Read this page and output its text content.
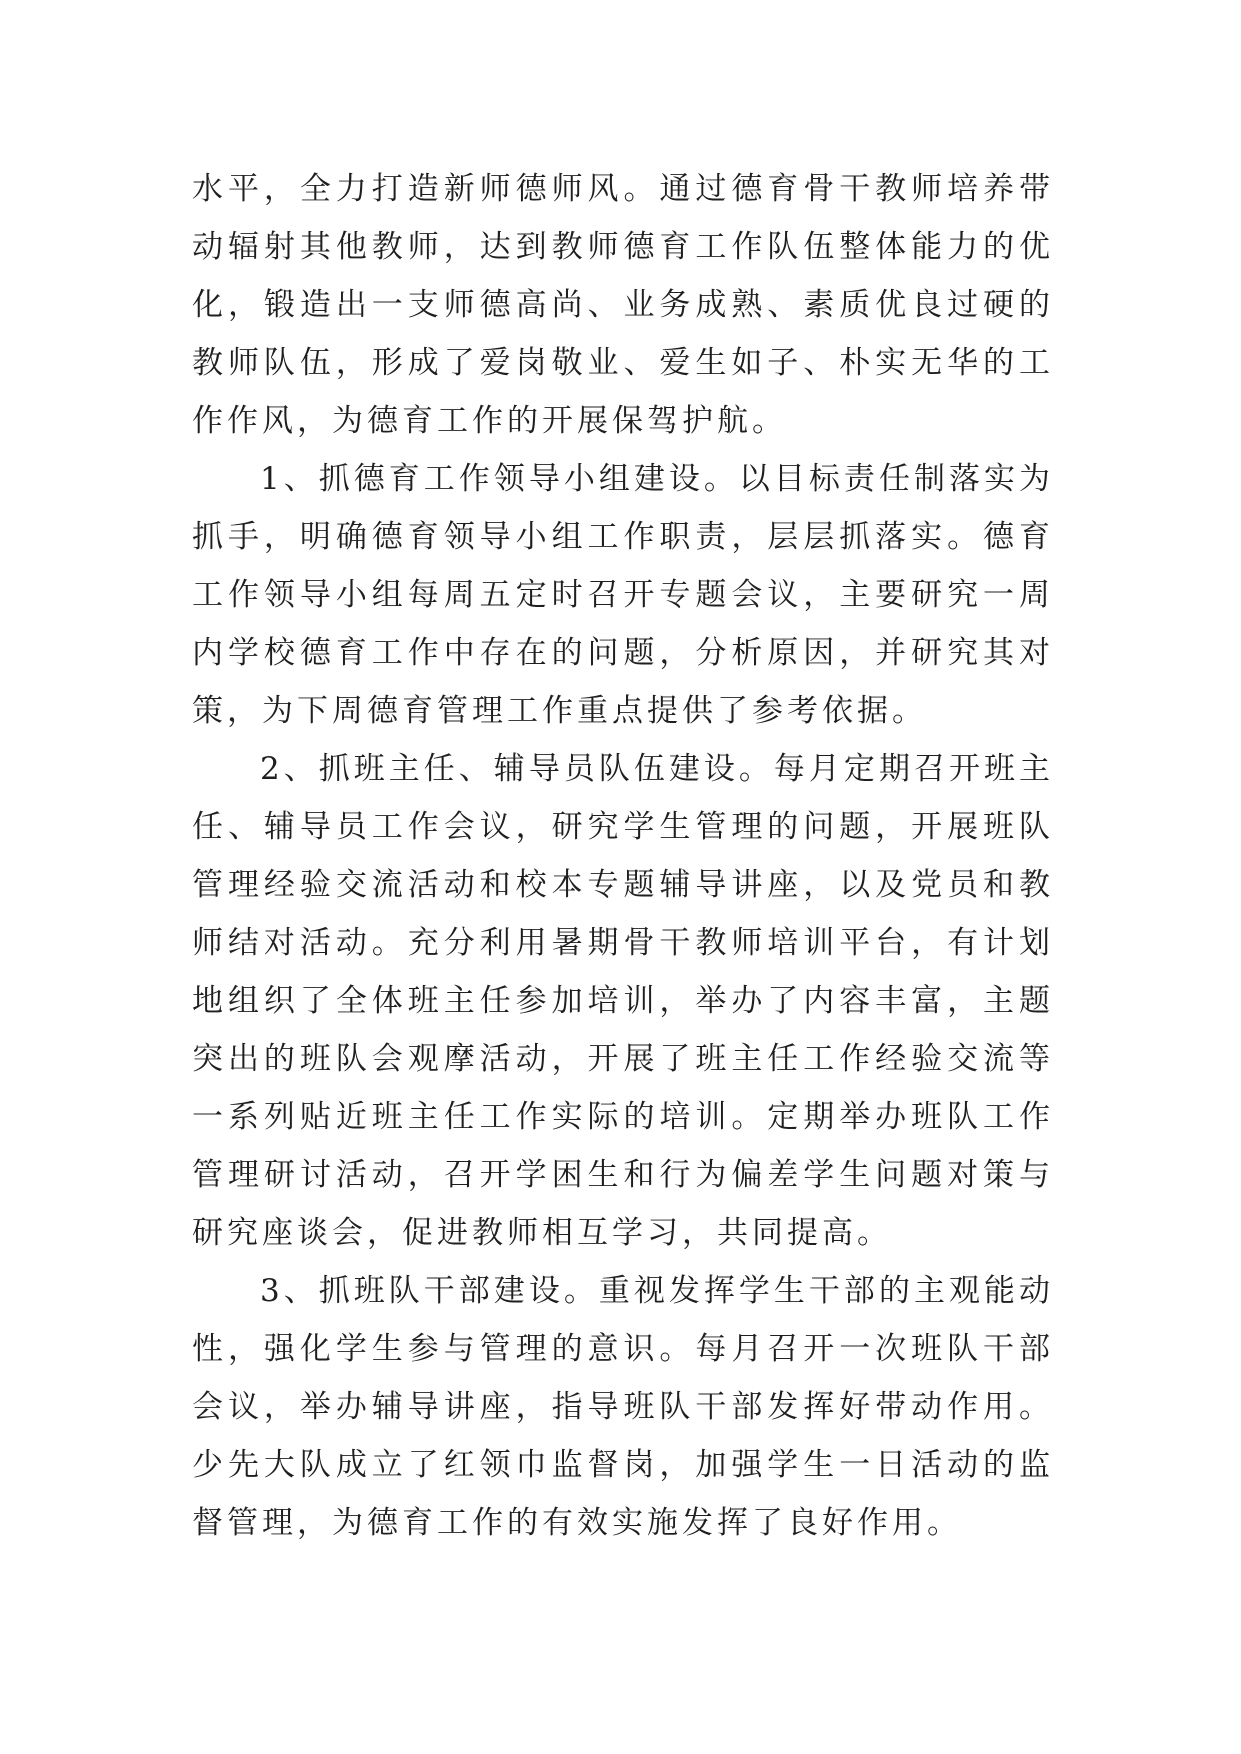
水平，全力打造新师德师风。通过德育骨干教师培养带动辐射其他教师，达到教师德育工作队伍整体能力的优化，锻造出一支师德高尚、业务成熟、素质优良过硬的教师队伍，形成了爱岗敬业、爱生如子、朴实无华的工作作风，为德育工作的开展保驾护航。

1、抓德育工作领导小组建设。以目标责任制落实为抓手，明确德育领导小组工作职责，层层抓落实。德育工作领导小组每周五定时召开专题会议，主要研究一周内学校德育工作中存在的问题，分析原因，并研究其对策，为下周德育管理工作重点提供了参考依据。

2、抓班主任、辅导员队伍建设。每月定期召开班主任、辅导员工作会议，研究学生管理的问题，开展班队管理经验交流活动和校本专题辅导讲座，以及党员和教师结对活动。充分利用暑期骨干教师培训平台，有计划地组织了全体班主任参加培训，举办了内容丰富，主题突出的班队会观摩活动，开展了班主任工作经验交流等一系列贴近班主任工作实际的培训。定期举办班队工作管理研讨活动，召开学困生和行为偏差学生问题对策与研究座谈会，促进教师相互学习，共同提高。

3、抓班队干部建设。重视发挥学生干部的主观能动性，强化学生参与管理的意识。每月召开一次班队干部会议，举办辅导讲座，指导班队干部发挥好带动作用。少先大队成立了红领巾监督岗，加强学生一日活动的监督管理，为德育工作的有效实施发挥了良好作用。
